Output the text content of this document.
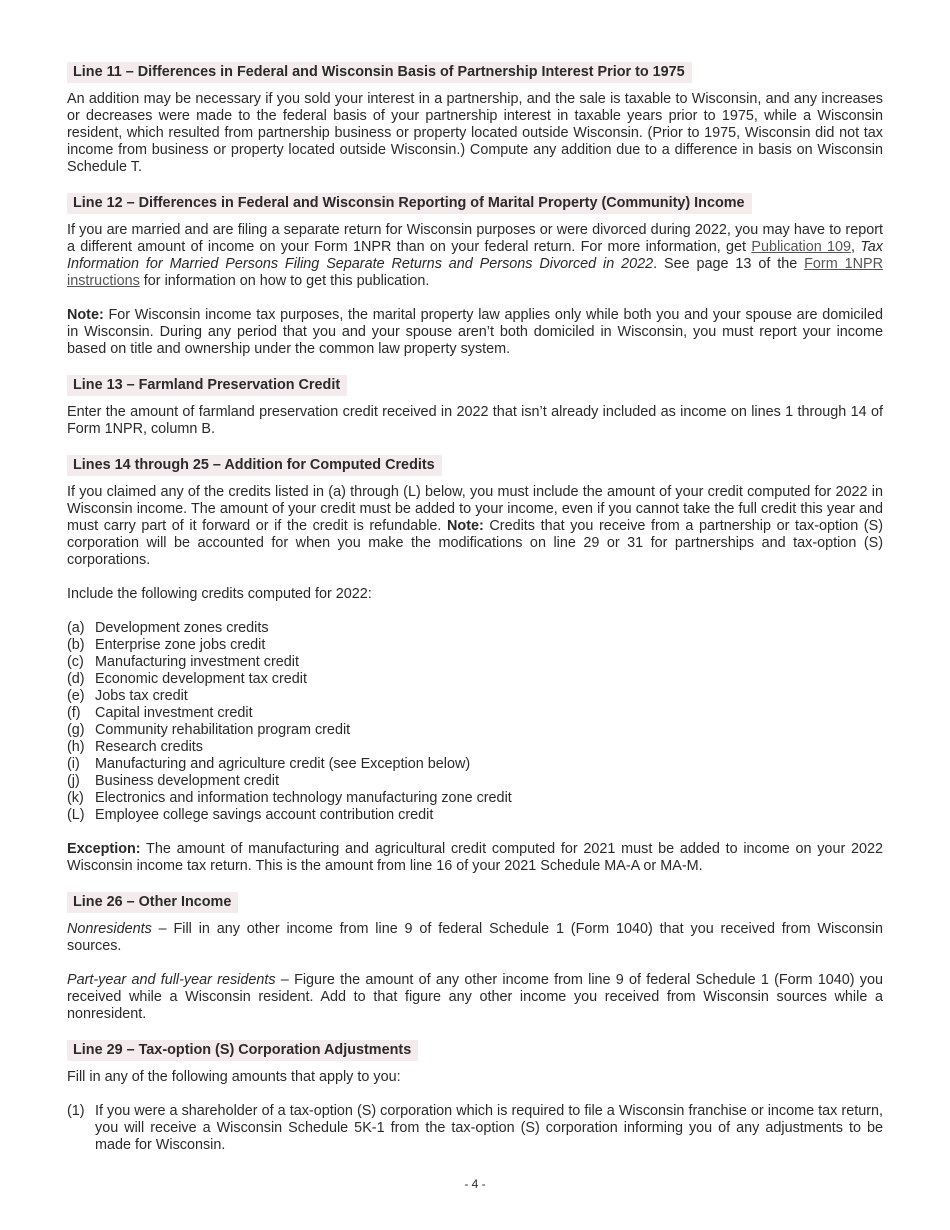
Line 11 – Differences in Federal and Wisconsin Basis of Partnership Interest Prior to 1975

An addition may be necessary if you sold your interest in a partnership, and the sale is taxable to Wisconsin, and any increases or decreases were made to the federal basis of your partnership interest in taxable years prior to 1975, while a Wisconsin resident, which resulted from partnership business or property located outside Wisconsin. (Prior to 1975, Wisconsin did not tax income from business or property located outside Wisconsin.) Compute any addition due to a difference in basis on Wisconsin Schedule T.

Line 12 – Differences in Federal and Wisconsin Reporting of Marital Property (Community) Income

If you are married and are filing a separate return for Wisconsin purposes or were divorced during 2022, you may have to report a different amount of income on your Form 1NPR than on your federal return. For more information, get Publication 109, Tax Information for Married Persons Filing Separate Returns and Persons Divorced in 2022. See page 13 of the Form 1NPR instructions for information on how to get this publication.

Note: For Wisconsin income tax purposes, the marital property law applies only while both you and your spouse are domiciled in Wisconsin. During any period that you and your spouse aren’t both domiciled in Wisconsin, you must report your income based on title and ownership under the common law property system.

Line 13 – Farmland Preservation Credit

Enter the amount of farmland preservation credit received in 2022 that isn’t already included as income on lines 1 through 14 of Form 1NPR, column B.

Lines 14 through 25 – Addition for Computed Credits

If you claimed any of the credits listed in (a) through (L) below, you must include the amount of your credit computed for 2022 in Wisconsin income. The amount of your credit must be added to your income, even if you cannot take the full credit this year and must carry part of it forward or if the credit is refundable. Note: Credits that you receive from a partnership or tax-option (S) corporation will be accounted for when you make the modifications on line 29 or 31 for partnerships and tax-option (S) corporations.

Include the following credits computed for 2022:

(a) Development zones credits
(b) Enterprise zone jobs credit
(c) Manufacturing investment credit
(d) Economic development tax credit
(e) Jobs tax credit
(f)	Capital investment credit
(g) Community rehabilitation program credit
(h) Research credits
(i)	Manufacturing and agriculture credit (see Exception below)
(j)	Business development credit
(k) Electronics and information technology manufacturing zone credit
(L) Employee college savings account contribution credit

Exception: The amount of manufacturing and agricultural credit computed for 2021 must be added to income on your 2022 Wisconsin income tax return. This is the amount from line 16 of your 2021 Schedule MA-A or MA-M.

Line 26 – Other Income

Nonresidents – Fill in any other income from line 9 of federal Schedule 1 (Form 1040) that you received from Wisconsin sources.

Part-year and full-year residents – Figure the amount of any other income from line 9 of federal Schedule 1 (Form 1040) you received while a Wisconsin resident. Add to that figure any other income you received from Wisconsin sources while a nonresident.

Line 29 – Tax-option (S) Corporation Adjustments

Fill in any of the following amounts that apply to you:

(1) If you were a shareholder of a tax-option (S) corporation which is required to file a Wisconsin franchise or income tax return, you will receive a Wisconsin Schedule 5K-1 from the tax-option (S) corporation informing you of any adjustments to be made for Wisconsin.
- 4 -
